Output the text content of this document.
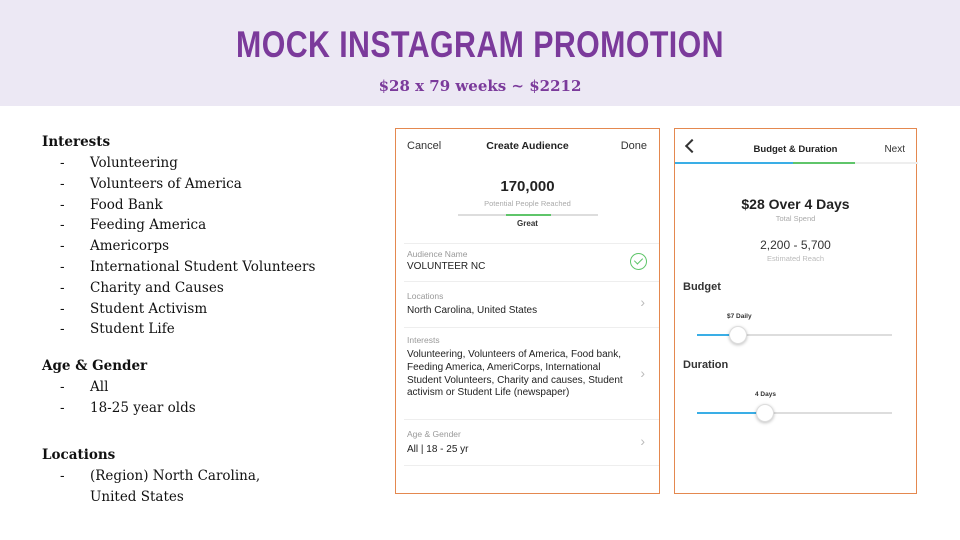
MOCK INSTAGRAM PROMOTION
$28 x 79 weeks ~ $2212
Interests
- Volunteering
- Volunteers of America
- Food Bank
- Feeding America
- Americorps
- International Student Volunteers
- Charity and Causes
- Student Activism
- Student Life
Age & Gender
- All
- 18-25 year olds
Locations
- (Region) North Carolina,
United States
Cancel	Create Audience	Done
170,000
Potential People Reached
Great
Audience Name
VOLUNTEER NC
Locations
North Carolina, United States
›
Interests
Volunteering, Volunteers of America, Food bank, Feeding America, AmeriCorps, International Student Volunteers, Charity and causes, Student activism or Student Life (newspaper)
›
Age & Gender
All | 18 - 25 yr
›
Budget & Duration	Next
$28 Over 4 Days
Total Spend
2,200 - 5,700
Estimated Reach
Budget
$7 Daily
Duration
4 Days
